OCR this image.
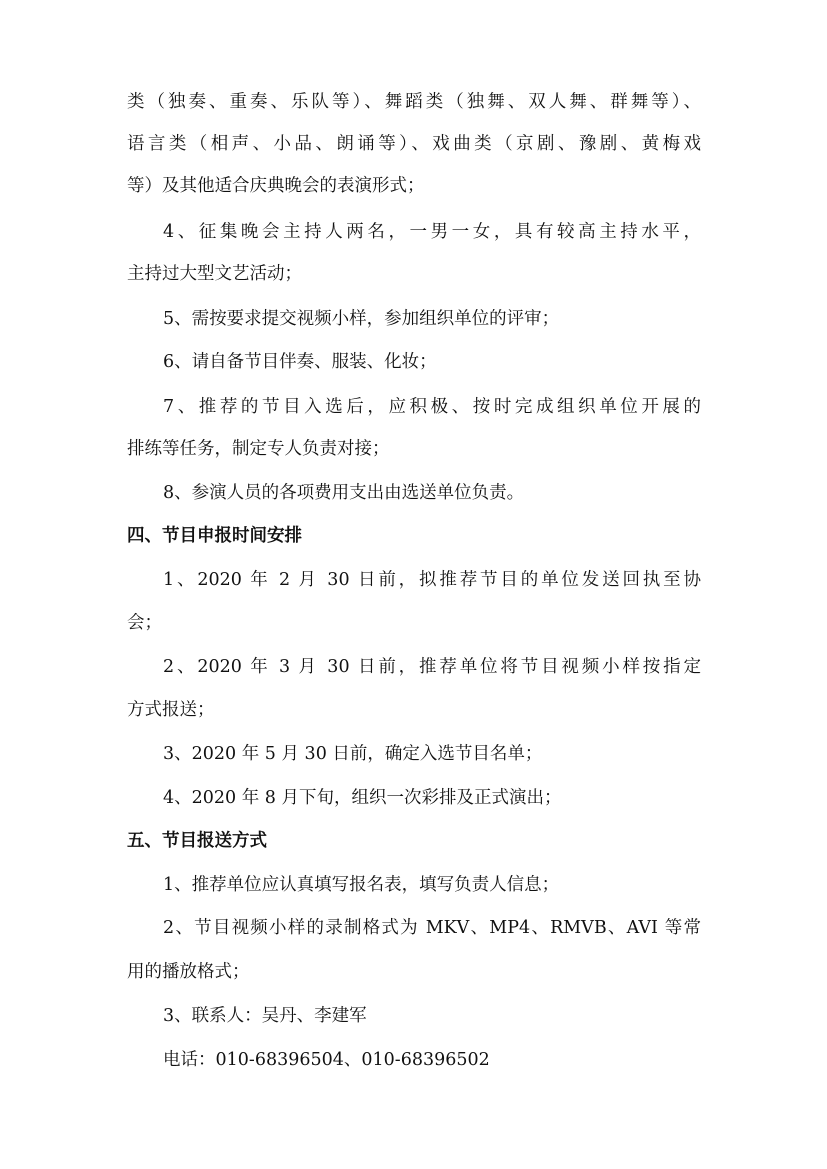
类（独奏、重奏、乐队等）、舞蹈类（独舞、双人舞、群舞等）、
语言类（相声、小品、朗诵等）、戏曲类（京剧、豫剧、黄梅戏
等）及其他适合庆典晚会的表演形式；
4、征集晚会主持人两名，一男一女，具有较高主持水平，
主持过大型文艺活动；
5、需按要求提交视频小样，参加组织单位的评审；
6、请自备节目伴奏、服装、化妆；
7、推荐的节目入选后，应积极、按时完成组织单位开展的
排练等任务，制定专人负责对接；
8、参演人员的各项费用支出由选送单位负责。
四、节目申报时间安排
1、2020 年 2 月 30 日前，拟推荐节目的单位发送回执至协
会；
2、2020 年 3 月 30 日前，推荐单位将节目视频小样按指定
方式报送；
3、2020 年 5 月 30 日前，确定入选节目名单；
4、2020 年 8 月下旬，组织一次彩排及正式演出；
五、节目报送方式
1、推荐单位应认真填写报名表，填写负责人信息；
2、节目视频小样的录制格式为 MKV、MP4、RMVB、AVI 等常
用的播放格式；
3、联系人：吴丹、李建军
电话：010-68396504、010-68396502
